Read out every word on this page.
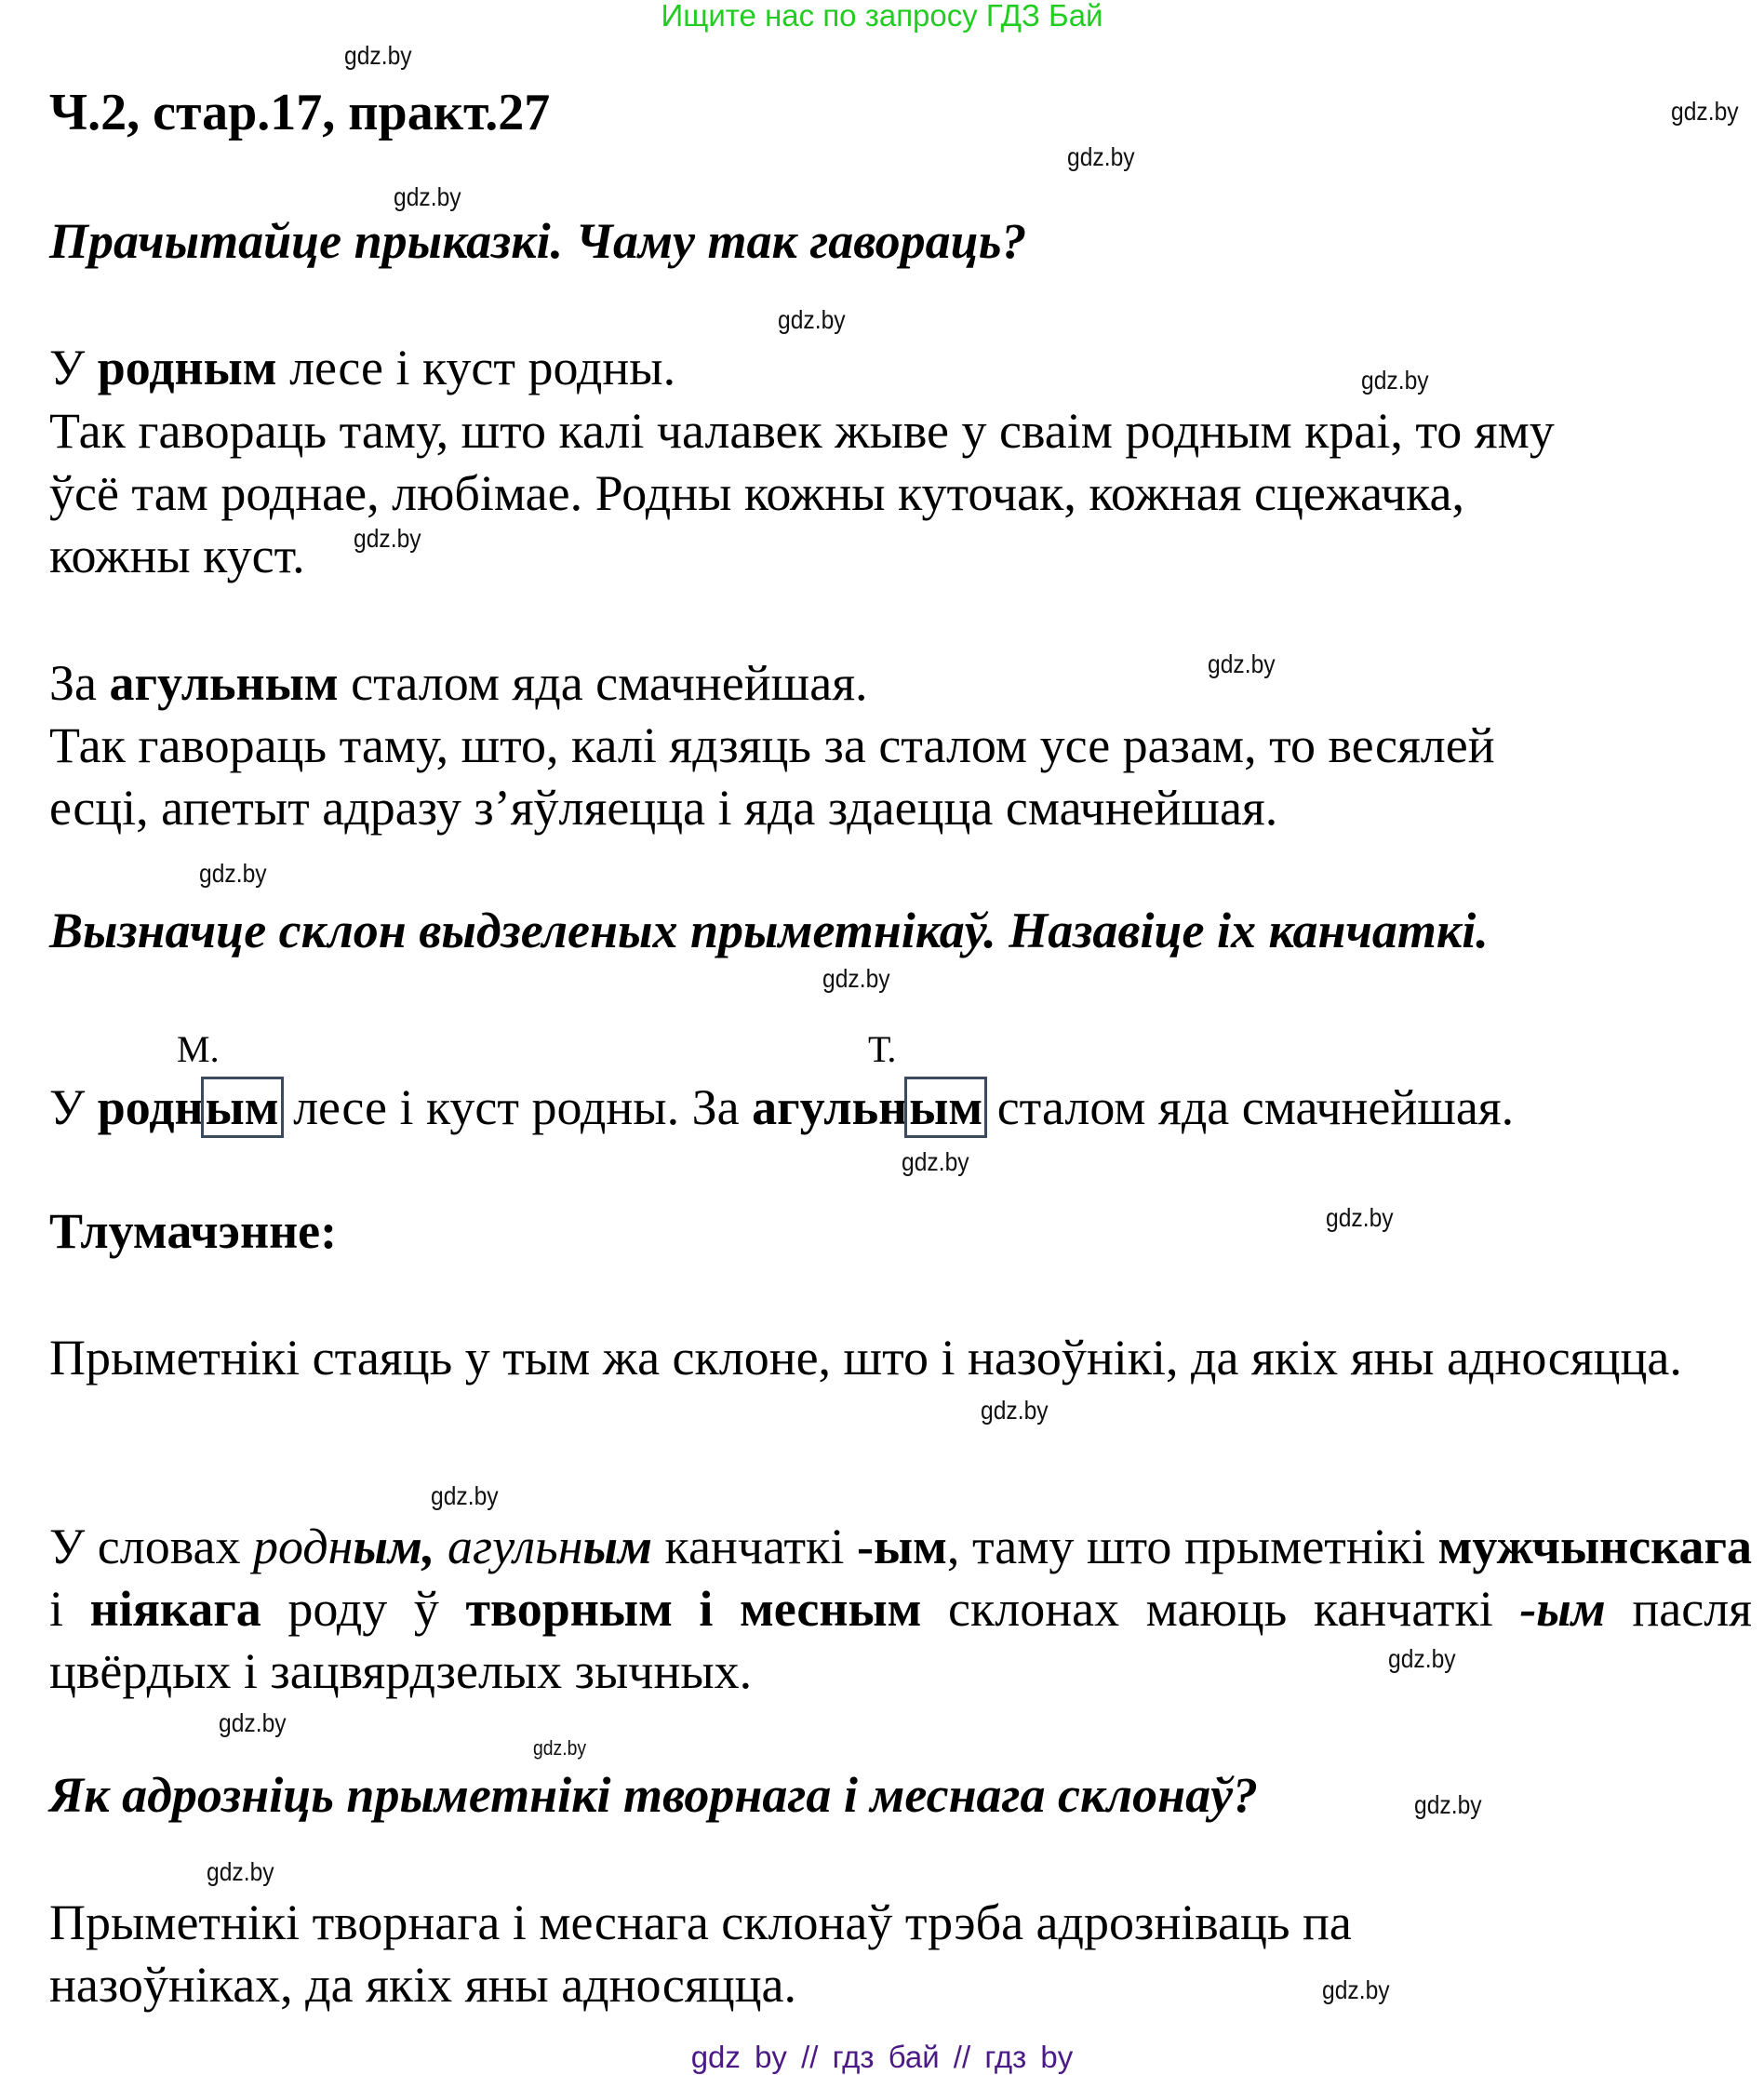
Ищите нас по запросу ГДЗ Бай
Ч.2, стар.17, практ.27
Прачытайце прыказкі. Чаму так гавораць?
У родным лесе і куст родны.
Так гавораць таму, што калі чалавек жыве у сваім родным краі, то яму
ўсё там роднае, любімае. Родны кожны куточак, кожная сцежачка,
кожны куст.
За агульным сталом яда смачнейшая.
Так гавораць таму, што, калі ядзяць за сталом усе разам, то весялей
есці, апетыт адразу з’яўляецца і яда здаецца смачнейшая.
Вызначце склон выдзеленых прыметнікаў. Назавіце іх канчаткі.
М.	Т.
У родным лесе і куст родны. За агульным сталом яда смачнейшая.
Тлумачэнне:
Прыметнікі стаяць у тым жа склоне, што і назоўнікі, да якіх яны адносяцца.
У словах родным, агульным канчаткі -ым, таму што прыметнікі мужчынскага і ніякага роду ў творным і месным склонах маюць канчаткі -ым пасля цвёрдых і зацвярдзелых зычных.
Як адрозніць прыметнікі творнага і меснага склонаў?
Прыметнікі творнага і меснага склонаў трэба адрозніваць па
назоўніках, да якіх яны адносяцца.
gdz.by
gdz.by
gdz.by
gdz.by
gdz.by
gdz.by
gdz.by
gdz.by
gdz.by
gdz.by
gdz.by
gdz.by
gdz.by
gdz.by
gdz.by
gdz.by
gdz.by
gdz.by
gdz.by
gdz.by
gdz by // гдз бай // гдз by
